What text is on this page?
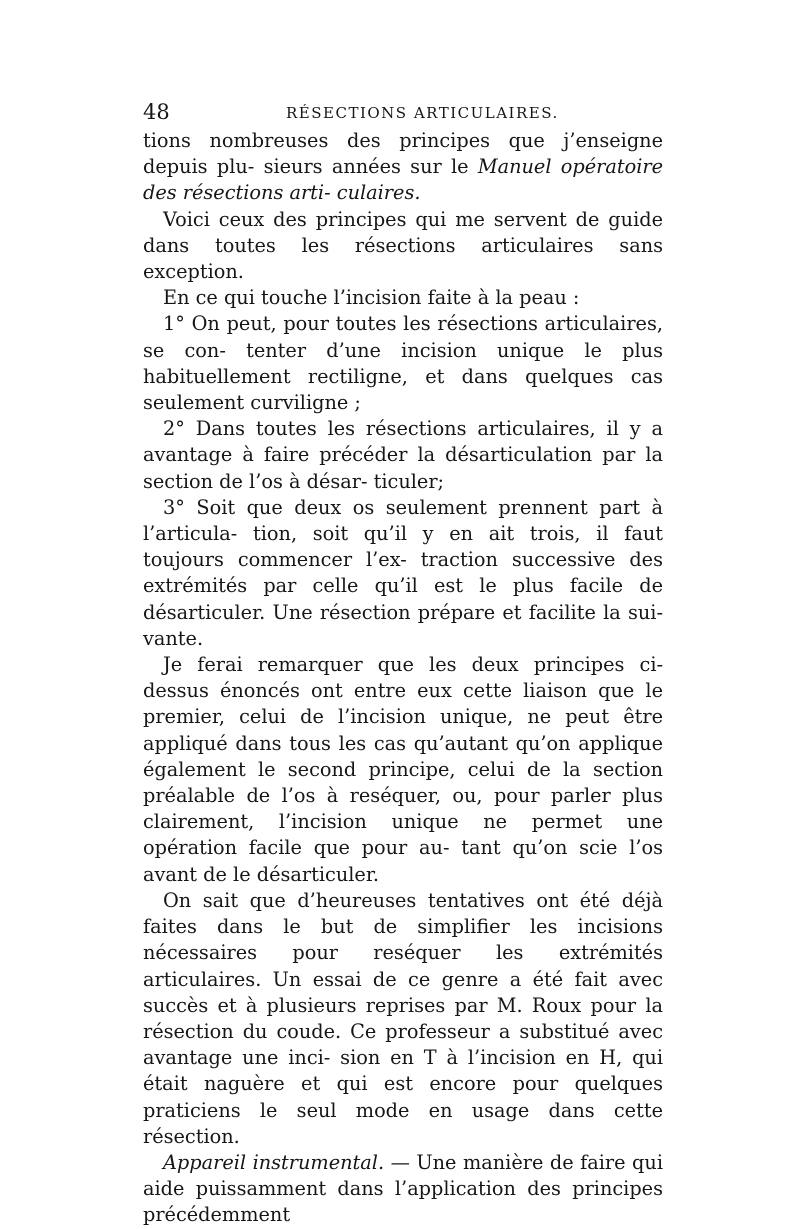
48	RÉSECTIONS ARTICULAIRES.

tions nombreuses des principes que j’enseigne depuis plu- sieurs années sur le Manuel opératoire des résections arti- culaires.

Voici ceux des principes qui me servent de guide dans toutes les résections articulaires sans exception.

En ce qui touche l’incision faite à la peau :

1° On peut, pour toutes les résections articulaires, se con- tenter d’une incision unique le plus habituellement rectiligne, et dans quelques cas seulement curviligne ;

2° Dans toutes les résections articulaires, il y a avantage à faire précéder la désarticulation par la section de l’os à désar- ticuler;

3° Soit que deux os seulement prennent part à l’articula- tion, soit qu’il y en ait trois, il faut toujours commencer l’ex- traction successive des extrémités par celle qu’il est le plus facile de désarticuler. Une résection prépare et facilite la sui- vante.

Je ferai remarquer que les deux principes ci-dessus énoncés ont entre eux cette liaison que le premier, celui de l’incision unique, ne peut être appliqué dans tous les cas qu’autant qu’on applique également le second principe, celui de la section préalable de l’os à reséquer, ou, pour parler plus clairement, l’incision unique ne permet une opération facile que pour au- tant qu’on scie l’os avant de le désarticuler.

On sait que d’heureuses tentatives ont été déjà faites dans le but de simplifier les incisions nécessaires pour reséquer les extrémités articulaires. Un essai de ce genre a été fait avec succès et à plusieurs reprises par M. Roux pour la résection du coude. Ce professeur a substitué avec avantage une inci- sion en T à l’incision en H, qui était naguère et qui est encore pour quelques praticiens le seul mode en usage dans cette résection.

Appareil instrumental. — Une manière de faire qui aide puissamment dans l’application des principes précédemment
